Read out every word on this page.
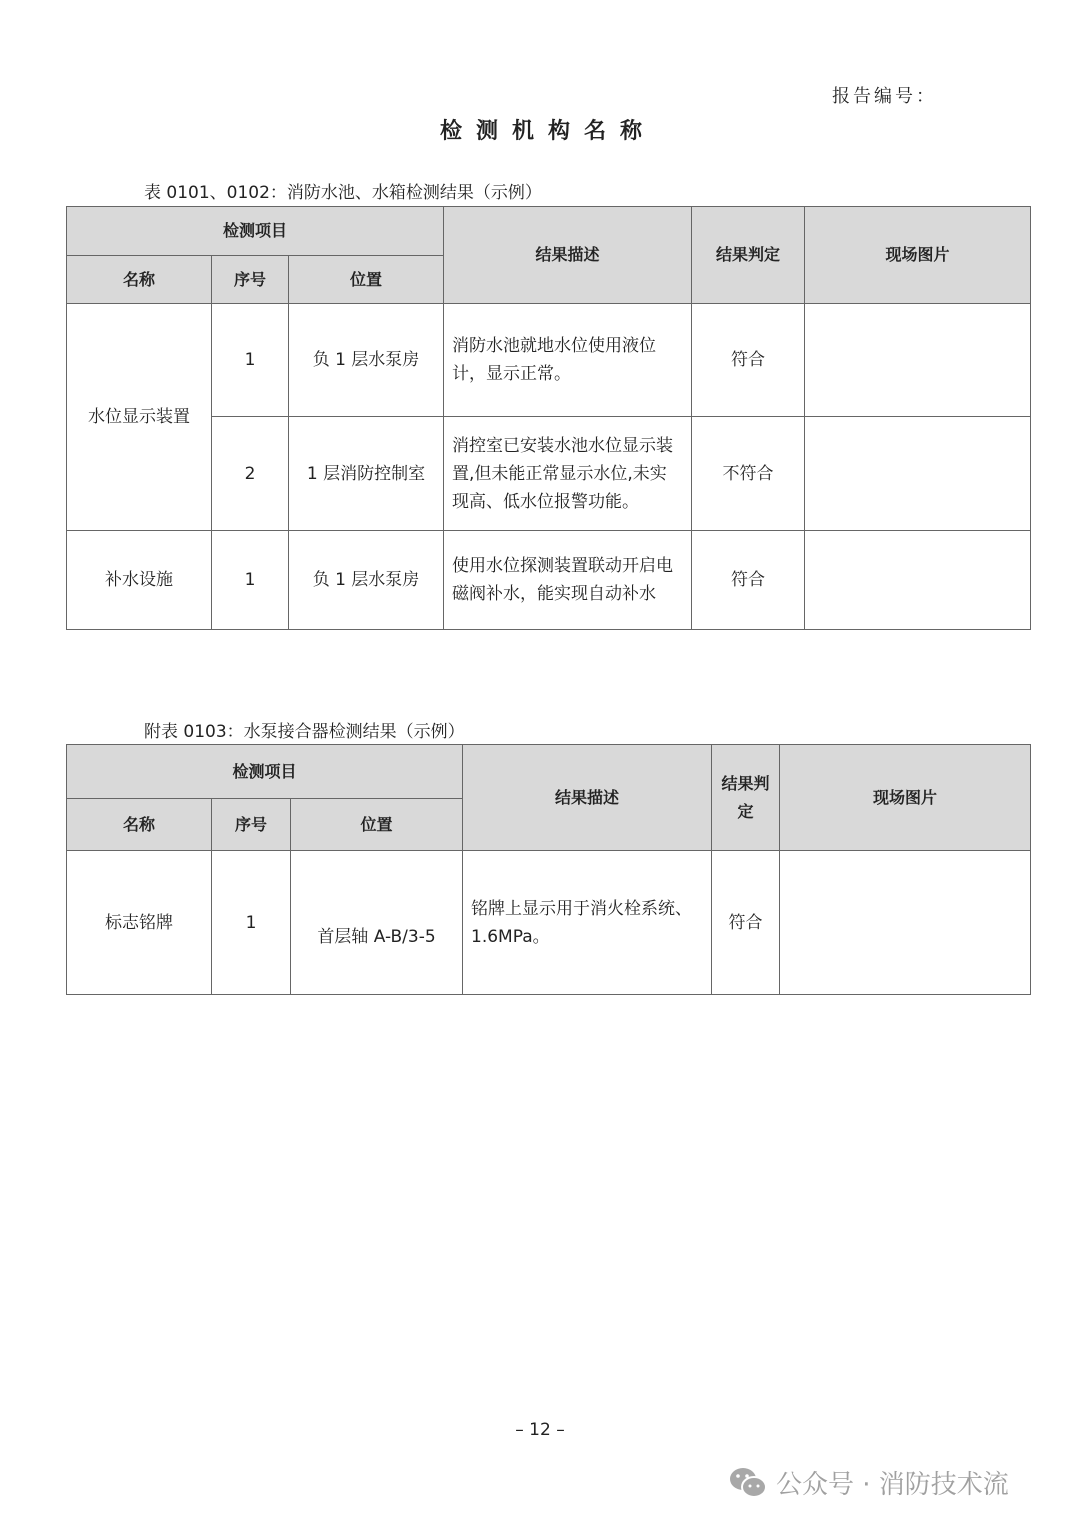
报告编号：
检测机构名称
表 0101、0102：消防水池、水箱检测结果（示例）
检测项目			结果描述	结果判定	现场图片
名称	序号	位置			
水位显示装置	1	负 1 层水泵房	消防水池就地水位使用液位计，显示正常。	符合	
	2	1 层消防控制室	消控室已安装水池水位显示装置,但未能正常显示水位,未实现高、低水位报警功能。	不符合	
补水设施	1	负 1 层水泵房	使用水位探测装置联动开启电磁阀补水，能实现自动补水	符合	
附表 0103：水泵接合器检测结果（示例）
检测项目			结果描述	结果判定	现场图片
名称	序号	位置			
标志铭牌	1	首层轴 A-B/3-5	铭牌上显示用于消火栓系统、1.6MPa。	符合	
– 12 –
公众号 · 消防技术流
